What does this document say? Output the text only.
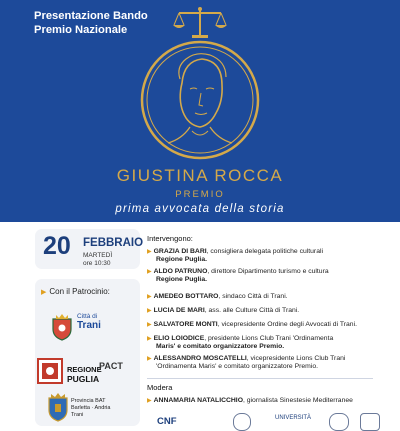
Presentazione Bando
Premio Nazionale
GIUSTINA ROCCA
PREMIO
prima avvocata della storia
20 FEBBRAIO
MARTEDÌ
ore 10:30
▶ Con il Patrocinio:
Città di
Trani
REGIONE
PUGLIA
PACT
Provincia BAT
Barletta · Andria
Trani
Intervengono:
▶ GRAZIA DI BARI, consigliera delegata politiche culturali
Regione Puglia.
▶ ALDO PATRUNO, direttore Dipartimento turismo e cultura
Regione Puglia.
▶ AMEDEO BOTTARO, sindaco Città di Trani.
▶ LUCIA DE MARI, ass. alle Culture Città di Trani.
▶ SALVATORE MONTI, vicepresidente Ordine degli Avvocati di Trani.
▶ ELIO LOIODICE, presidente Lions Club Trani 'Ordinamenta
Maris' e comitato organizzatore Premio.
▶ ALESSANDRO MOSCATELLI, vicepresidente Lions Club Trani
'Ordinamenta Maris' e comitato organizzatore Premio.
Modera
▶ ANNAMARIA NATALICCHIO, giornalista Sinestesie Mediterranee
CNF	UNIVERSITÀ
